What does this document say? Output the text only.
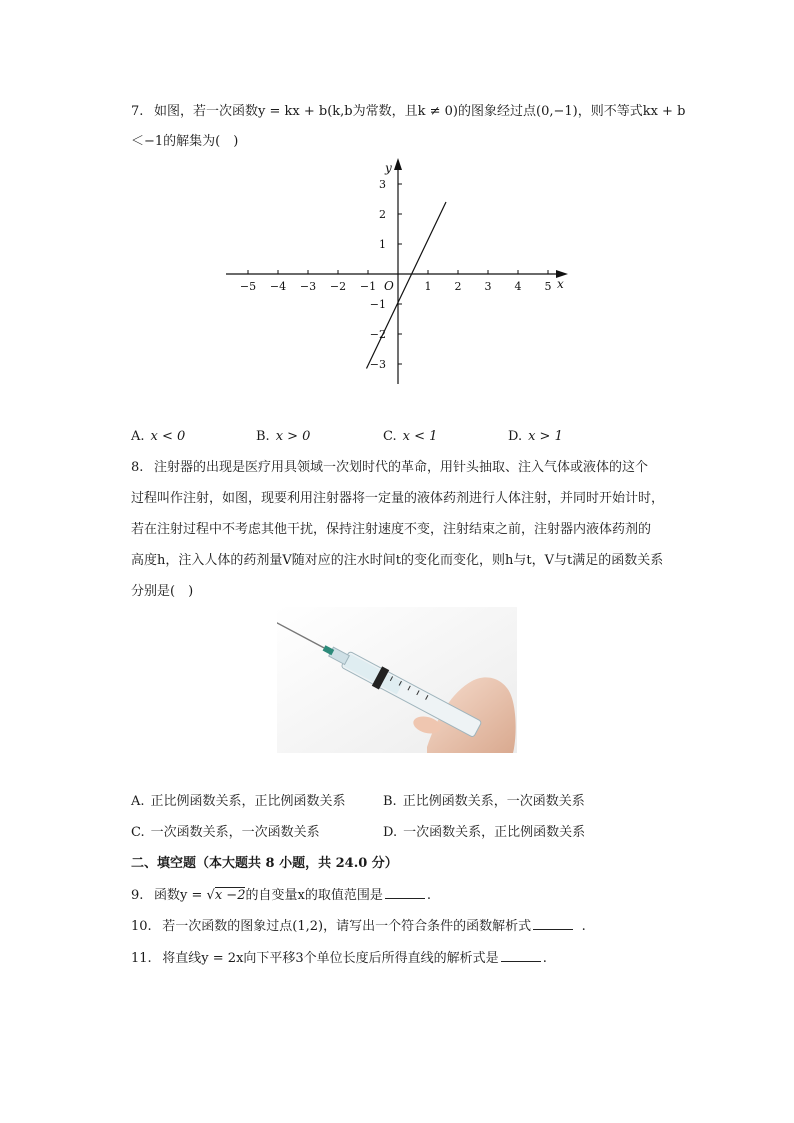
7.  如图，若一次函数y = kx + b(k,b为常数，且k ≠ 0)的图象经过点(0,−1)，则不等式kx + b
＜−1的解集为( )
−5 −4 −3 −2 −1	1 2 3 4 5
3
2
1
−1
−2
−3
x
y
O
A. x < 0	B. x > 0	C. x < 1	D. x > 1
8.  注射器的出现是医疗用具领域一次划时代的革命，用针头抽取、注入气体或液体的这个
过程叫作注射，如图，现要利用注射器将一定量的液体药剂进行人体注射，并同时开始计时，
若在注射过程中不考虑其他干扰，保持注射速度不变，注射结束之前，注射器内液体药剂的
高度h，注入人体的药剂量V随对应的注水时间t的变化而变化，则h与t，V与t满足的函数关系
分别是( )
A. 正比例函数关系，正比例函数关系	B. 正比例函数关系，一次函数关系
C. 一次函数关系，一次函数关系	D. 一次函数关系，正比例函数关系
二、填空题（本大题共 8 小题，共 24.0 分）
9.  函数y = √x −2的自变量x的取值范围是	.
10.  若一次函数的图象过点(1,2)，请写出一个符合条件的函数解析式	 .
11.  将直线y = 2x向下平移3个单位长度后所得直线的解析式是	.
